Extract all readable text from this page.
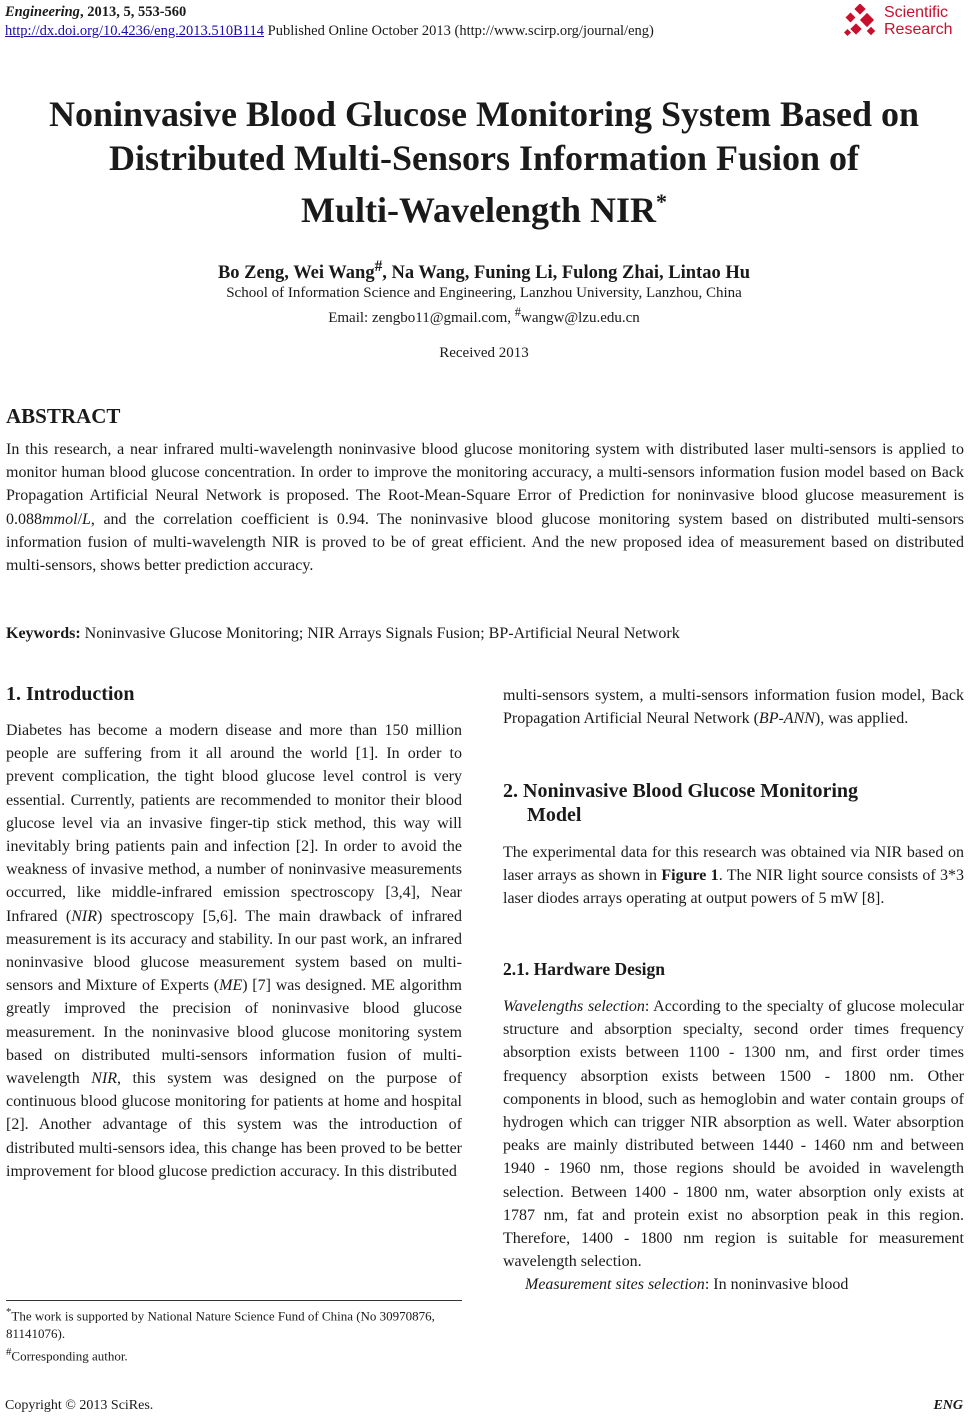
Engineering, 2013, 5, 553-560
http://dx.doi.org/10.4236/eng.2013.510B114 Published Online October 2013 (http://www.scirp.org/journal/eng)
Scientific
Research
Noninvasive Blood Glucose Monitoring System Based on
Distributed Multi-Sensors Information Fusion of
Multi-Wavelength NIR*
Bo Zeng, Wei Wang#, Na Wang, Funing Li, Fulong Zhai, Lintao Hu
School of Information Science and Engineering, Lanzhou University, Lanzhou, China
Email: zengbo11@gmail.com, #wangw@lzu.edu.cn
Received 2013
ABSTRACT

In this research, a near infrared multi-wavelength noninvasive blood glucose monitoring system with distributed laser multi-sensors is applied to monitor human blood glucose concentration. In order to improve the monitoring accuracy, a multi-sensors information fusion model based on Back Propagation Artificial Neural Network is proposed. The Root-Mean-Square Error of Prediction for noninvasive blood glucose measurement is 0.088mmol/L, and the correlation coefficient is 0.94. The noninvasive blood glucose monitoring system based on distributed multi-sensors information fusion of multi-wavelength NIR is proved to be of great efficient. And the new proposed idea of measurement based on distributed multi-sensors, shows better prediction accuracy.

Keywords: Noninvasive Glucose Monitoring; NIR Arrays Signals Fusion; BP-Artificial Neural Network
1. Introduction

Diabetes has become a modern disease and more than 150 million people are suffering from it all around the world [1]. In order to prevent complication, the tight blood glucose level control is very essential. Currently, patients are recommended to monitor their blood glucose level via an invasive finger-tip stick method, this way will inevitably bring patients pain and infection [2]. In order to avoid the weakness of invasive method, a number of noninvasive measurements occurred, like middle-infrared emission spectroscopy [3,4], Near Infrared (NIR) spectroscopy [5,6]. The main drawback of infrared measurement is its accuracy and stability. In our past work, an infrared noninvasive blood glucose measurement system based on multi-sensors and Mixture of Experts (ME) [7] was designed. ME algorithm greatly improved the precision of noninvasive blood glucose measurement. In the noninvasive blood glucose monitoring system based on distributed multi-sensors information fusion of multi-wavelength NIR, this system was designed on the purpose of continuous blood glucose monitoring for patients at home and hospital [2]. Another advantage of this system was the introduction of distributed multi-sensors idea, this change has been proved to be better improvement for blood glucose prediction accuracy. In this distributed

*The work is supported by National Nature Science Fund of China (No 30970876, 81141076).
#Corresponding author.

multi-sensors system, a multi-sensors information fusion model, Back Propagation Artificial Neural Network (BP-ANN), was applied.

2. Noninvasive Blood Glucose Monitoring
Model

The experimental data for this research was obtained via NIR based on laser arrays as shown in Figure 1. The NIR light source consists of 3*3 laser diodes arrays operating at output powers of 5 mW [8].

2.1. Hardware Design

Wavelengths selection: According to the specialty of glucose molecular structure and absorption specialty, second order times frequency absorption exists between 1100 - 1300 nm, and first order times frequency absorption exists between 1500 - 1800 nm. Other components in blood, such as hemoglobin and water contain groups of hydrogen which can trigger NIR absorption as well. Water absorption peaks are mainly distributed between 1440 - 1460 nm and between 1940 - 1960 nm, those regions should be avoided in wavelength selection. Between 1400 - 1800 nm, water absorption only exists at 1787 nm, fat and protein exist no absorption peak in this region. Therefore, 1400 - 1800 nm region is suitable for measurement wavelength selection.
Measurement sites selection: In noninvasive blood

Copyright © 2013 SciRes.	ENG
